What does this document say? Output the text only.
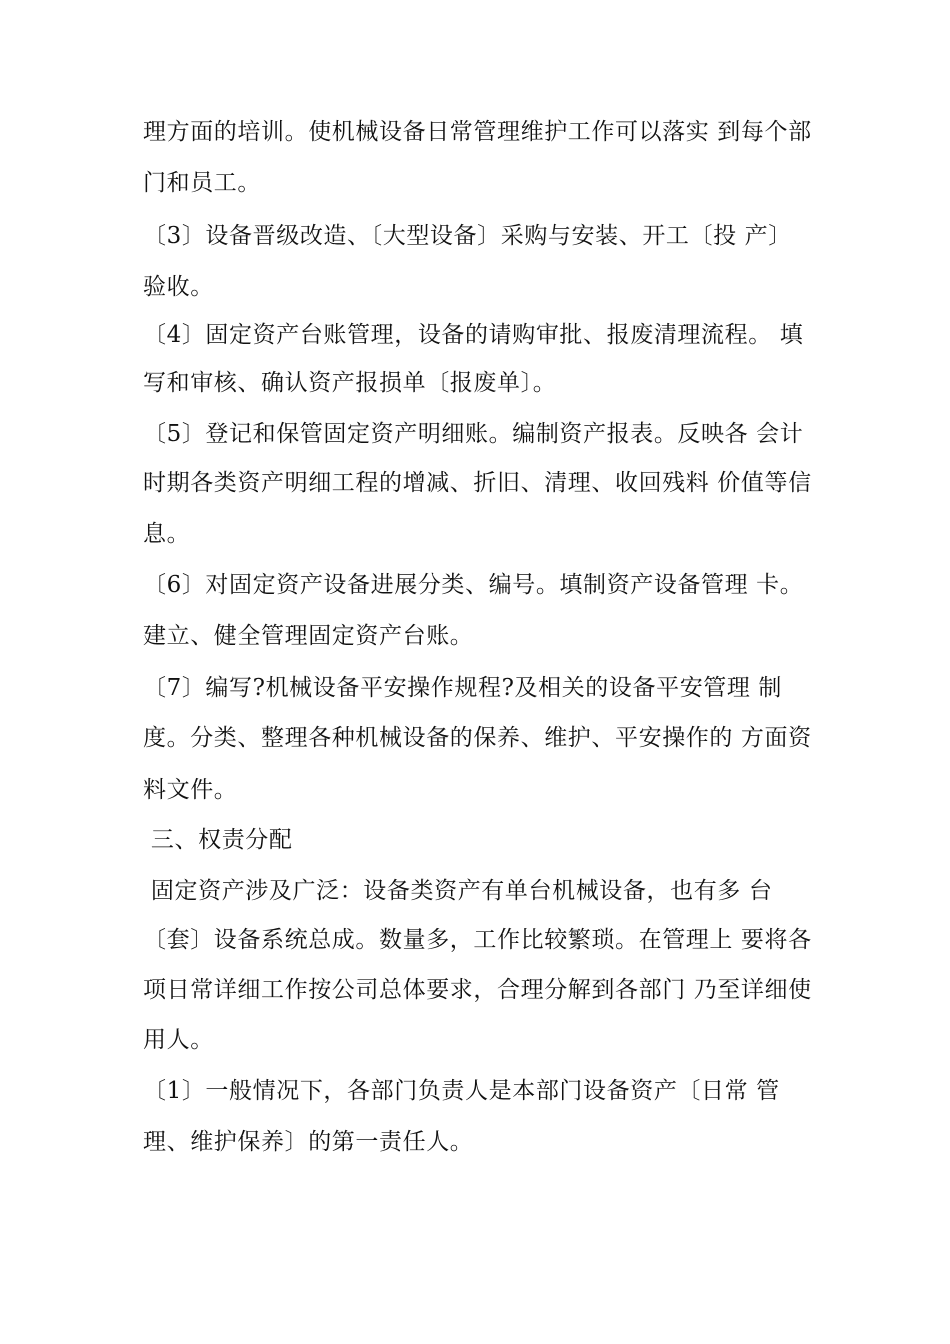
理方面的培训。使机械设备日常管理维护工作可以落实 到每个部
门和员工。
〔3〕设备晋级改造、〔大型设备〕采购与安装、开工〔投 产〕
验收。
〔4〕固定资产台账管理，设备的请购审批、报废清理流程。 填
写和审核、确认资产报损单〔报废单〕。
〔5〕登记和保管固定资产明细账。编制资产报表。反映各 会计
时期各类资产明细工程的增减、折旧、清理、收回残料 价值等信
息。
〔6〕对固定资产设备进展分类、编号。填制资产设备管理 卡。
建立、健全管理固定资产台账。
〔7〕编写?机械设备平安操作规程?及相关的设备平安管理 制
度。分类、整理各种机械设备的保养、维护、平安操作的 方面资
料文件。
三、权责分配
固定资产涉及广泛：设备类资产有单台机械设备，也有多 台
〔套〕设备系统总成。数量多，工作比较繁琐。在管理上 要将各
项日常详细工作按公司总体要求，合理分解到各部门 乃至详细使
用人。
〔1〕一般情况下，各部门负责人是本部门设备资产〔日常 管
理、维护保养〕的第一责任人。
